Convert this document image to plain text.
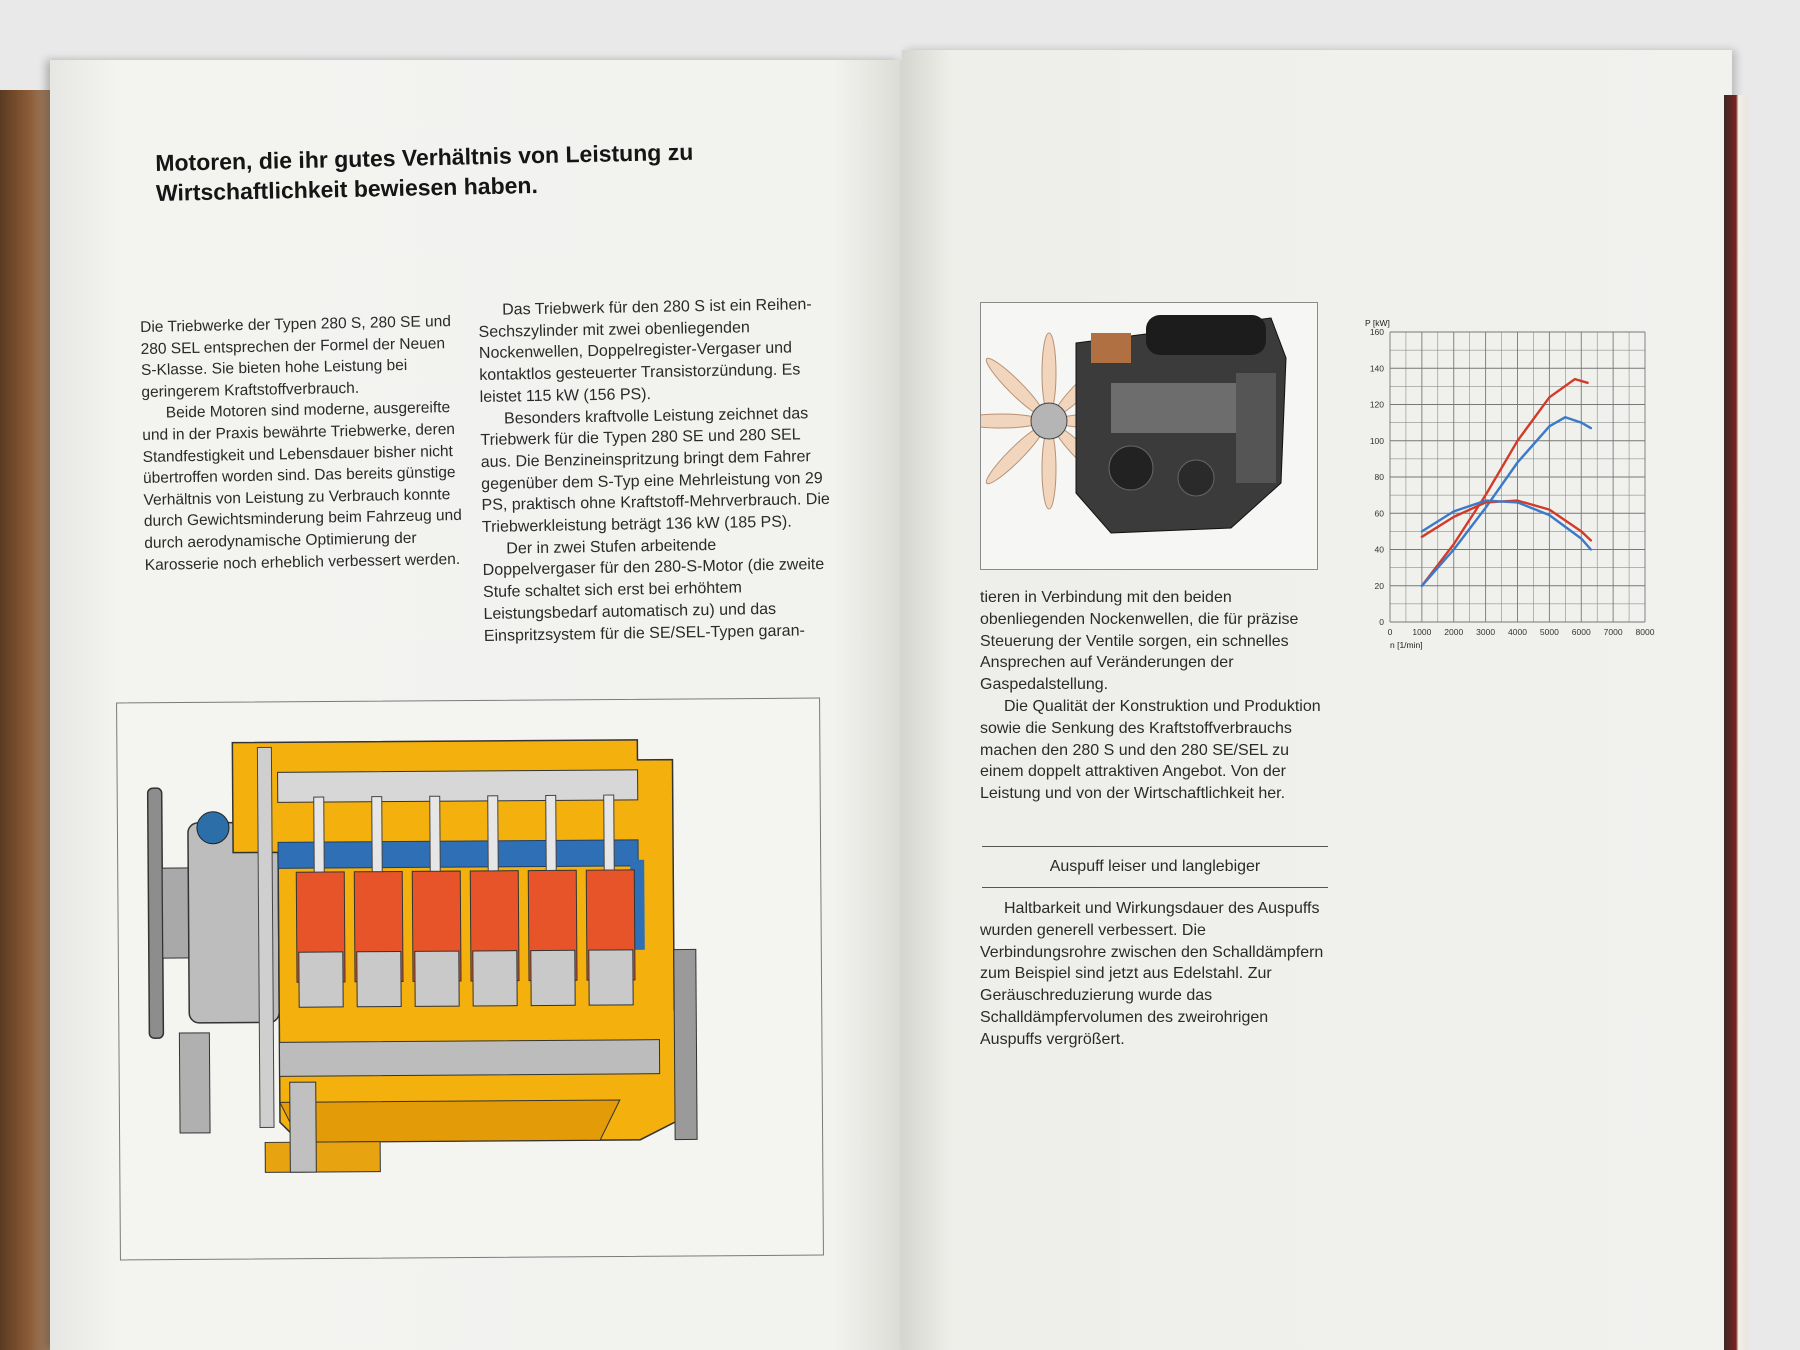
Motoren, die ihr gutes Verhältnis von Leistung zu Wirtschaftlichkeit bewiesen haben.

Die Triebwerke der Typen 280 S, 280 SE und 280 SEL entsprechen der Formel der Neuen S-Klasse. Sie bieten hohe Leistung bei geringerem Kraftstoffverbrauch.

Beide Motoren sind moderne, ausgereifte und in der Praxis bewährte Triebwerke, deren Standfestigkeit und Lebensdauer bisher nicht übertroffen worden sind. Das bereits günstige Verhältnis von Leistung zu Verbrauch konnte durch Gewichtsminderung beim Fahrzeug und durch aerodynamische Optimierung der Karosserie noch erheblich verbessert werden.

Das Triebwerk für den 280 S ist ein Reihen-Sechszylinder mit zwei obenliegenden Nockenwellen, Doppelregister-Vergaser und kontaktlos gesteuerter Transistorzündung. Es leistet 115 kW (156 PS).

Besonders kraftvolle Leistung zeichnet das Triebwerk für die Typen 280 SE und 280 SEL aus. Die Benzineinspritzung bringt dem Fahrer gegenüber dem S-Typ eine Mehrleistung von 29 PS, praktisch ohne Kraftstoff-Mehrverbrauch. Die Triebwerkleistung beträgt 136 kW (185 PS).

Der in zwei Stufen arbeitende Doppelvergaser für den 280-S-Motor (die zweite Stufe schaltet sich erst bei erhöhtem Leistungsbedarf automatisch zu) und das Einspritzsystem für die SE/SEL-Typen garan-

tieren in Verbindung mit den beiden obenliegenden Nockenwellen, die für präzise Steuerung der Ventile sorgen, ein schnelles Ansprechen auf Veränderungen der Gaspedalstellung.

Die Qualität der Konstruktion und Produktion sowie die Senkung des Kraftstoffverbrauchs machen den 280 S und den 280 SE/SEL zu einem doppelt attraktiven Angebot. Von der Leistung und von der Wirtschaftlichkeit her.

Auspuff leiser und langlebiger

Haltbarkeit und Wirkungsdauer des Auspuffs wurden generell verbessert. Die Verbindungsrohre zwischen den Schalldämpfern zum Beispiel sind jetzt aus Edelstahl. Zur Geräuschreduzierung wurde das Schalldämpfervolumen des zweirohrigen Auspuffs vergrößert.

0
20
40
60
80
100
120
140
160
0 1000 2000 3000 4000 5000 6000 7000 8000
P [kW]
n [1/min]
